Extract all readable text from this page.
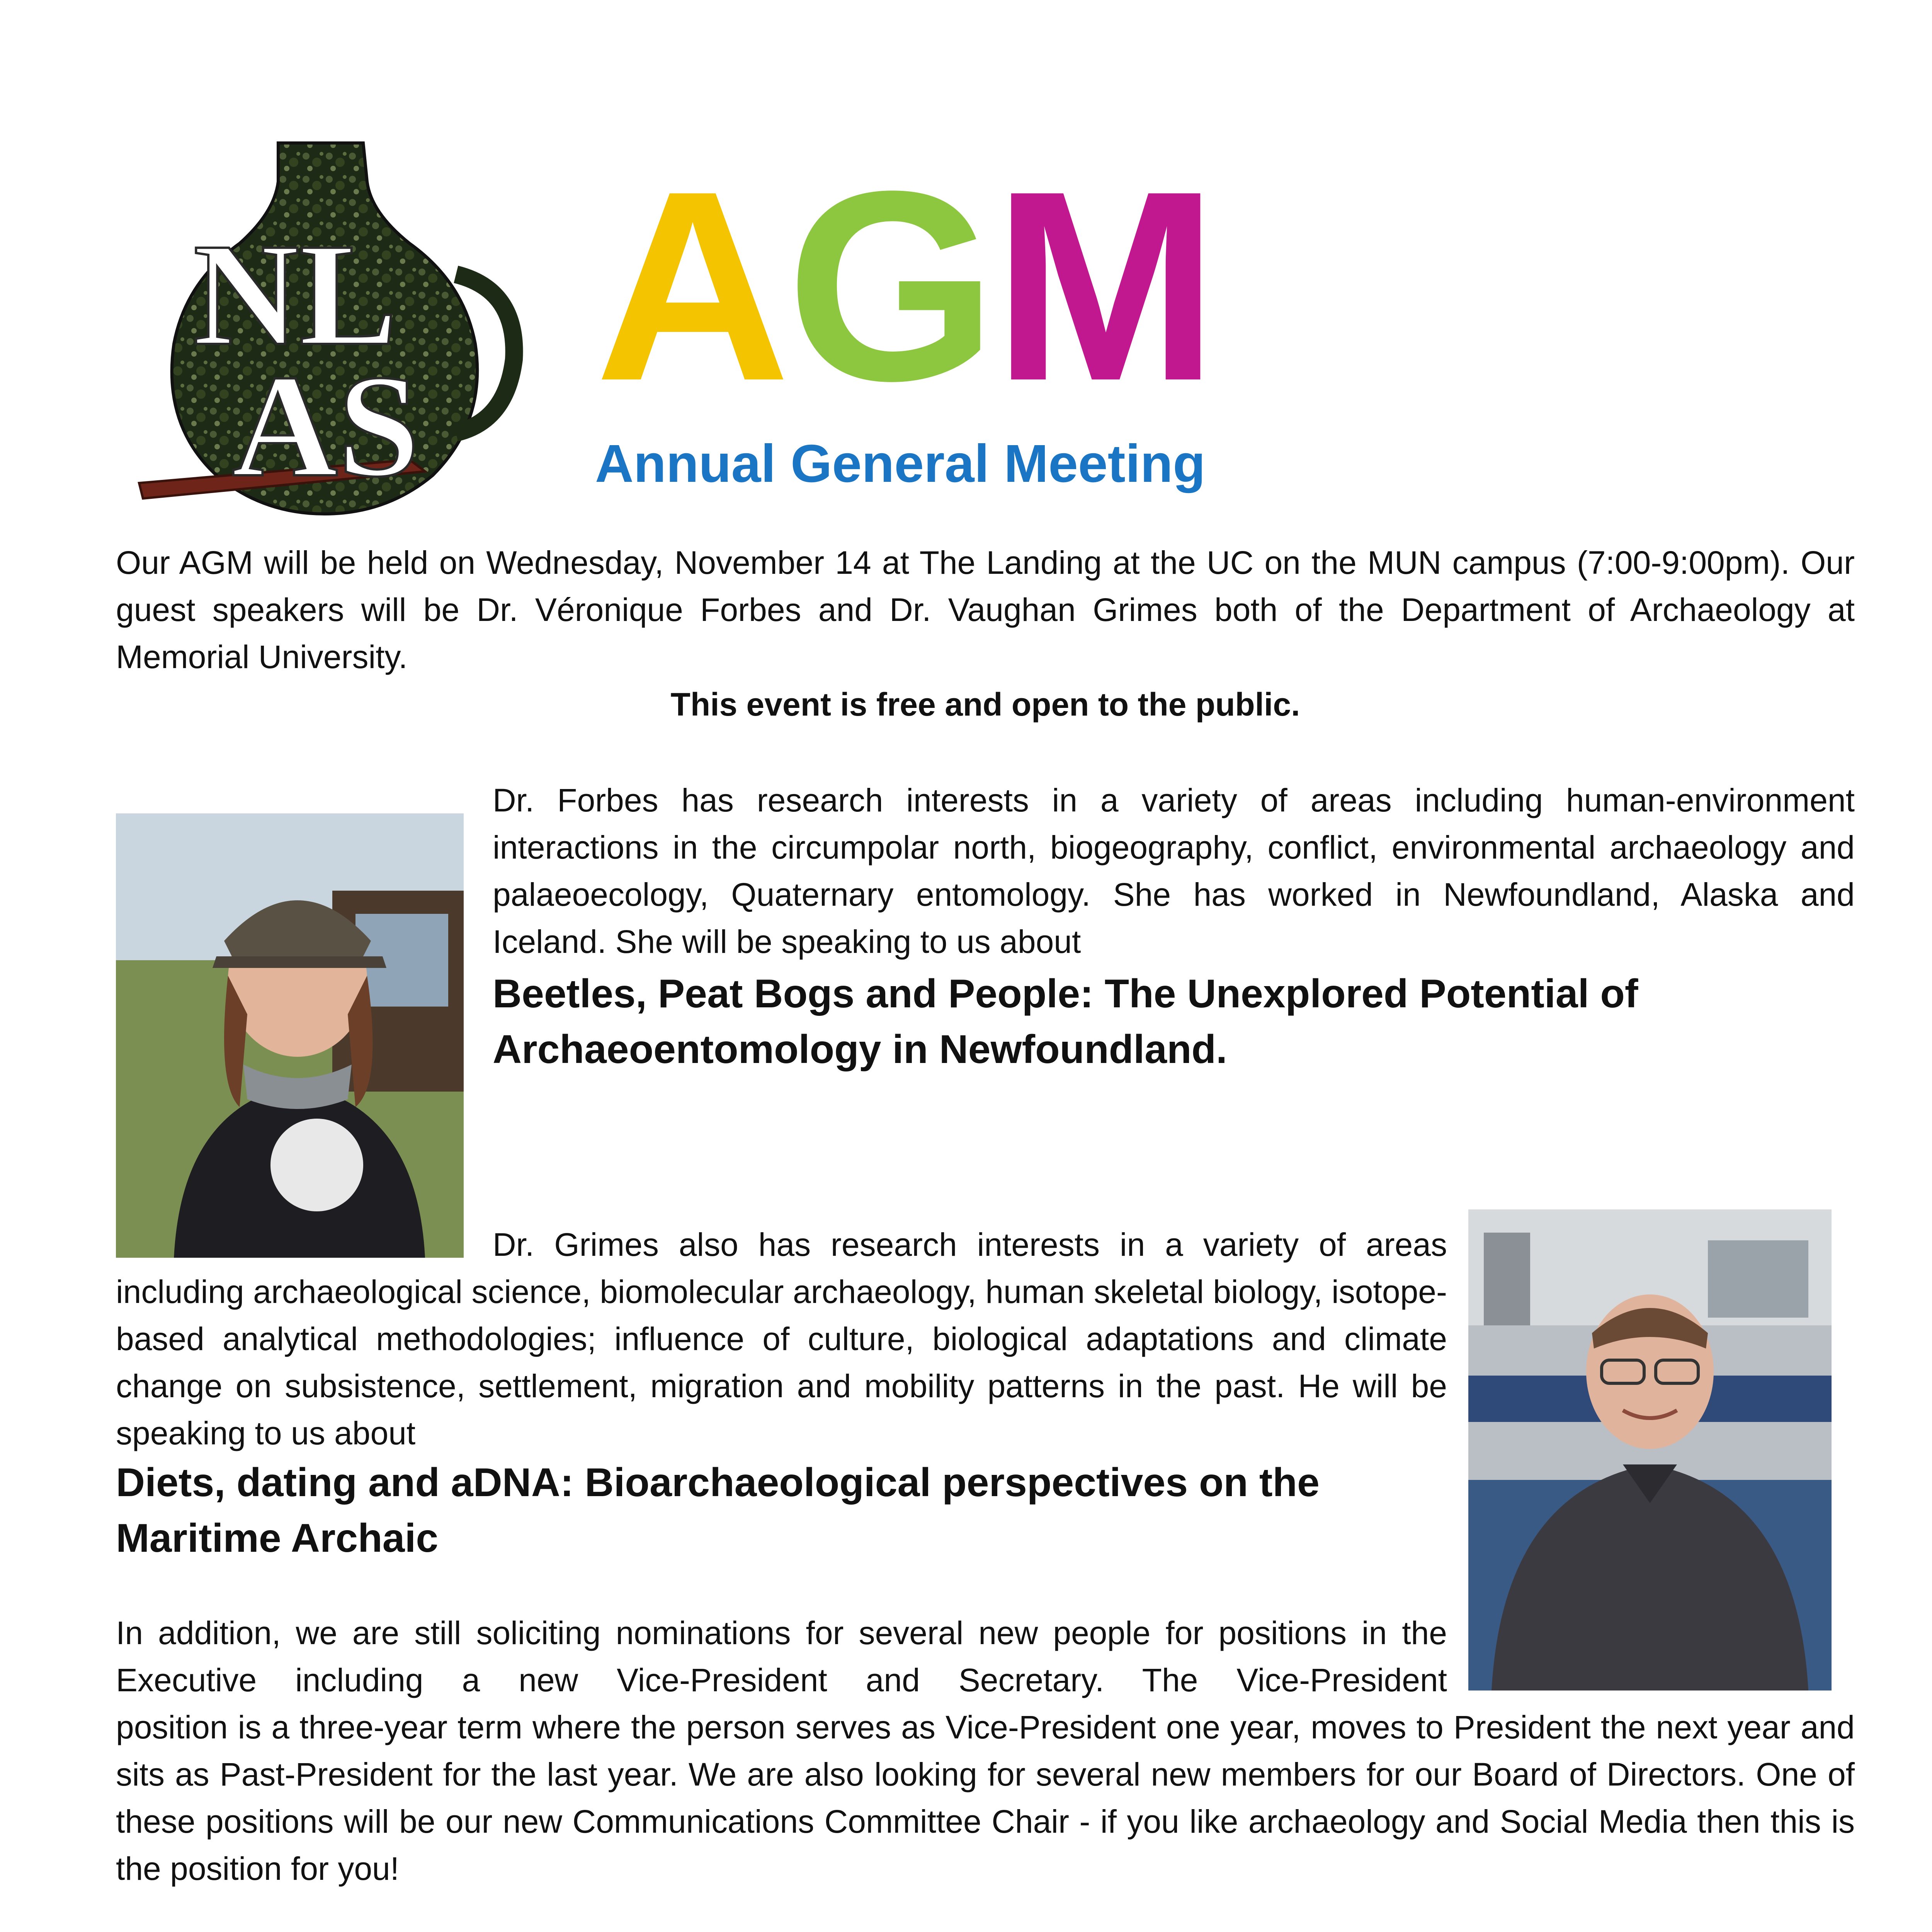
NL
AS AGM
Annual General Meeting

Our AGM will be held on Wednesday, November 14 at The Landing at the UC on the MUN campus (7:00-9:00pm). Our guest speakers will be Dr. Véronique Forbes and Dr. Vaughan Grimes both of the Department of Archaeology at Memorial University.

This event is free and open to the public.

Dr. Forbes has research interests in a variety of areas including human-environment interactions in the circumpolar north, biogeography, conflict, environmental archaeology and palaeoecology, Quaternary entomology. She has worked in Newfoundland, Alaska and Iceland. She will be speaking to us about

Beetles, Peat Bogs and People: The Unexplored Potential of Archaeoentomology in Newfoundland.

Dr. Grimes also has research interests in a variety of areas

including archaeological science, biomolecular archaeology, human skeletal biology, isotope-based analytical methodologies; influence of culture, biological adaptations and climate change on subsistence, settlement, migration and mobility patterns in the past. He will be speaking to us about

Diets, dating and aDNA: Bioarchaeological perspectives on the Maritime Archaic

In addition, we are still soliciting nominations for several new people for positions in the Executive including a new Vice-President and Secretary. The Vice-President

position is a three-year term where the person serves as Vice-President one year, moves to President the next year and sits as Past-President for the last year. We are also looking for several new members for our Board of Directors. One of these positions will be our new Communications Committee Chair - if you like archaeology and Social Media then this is the position for you!
